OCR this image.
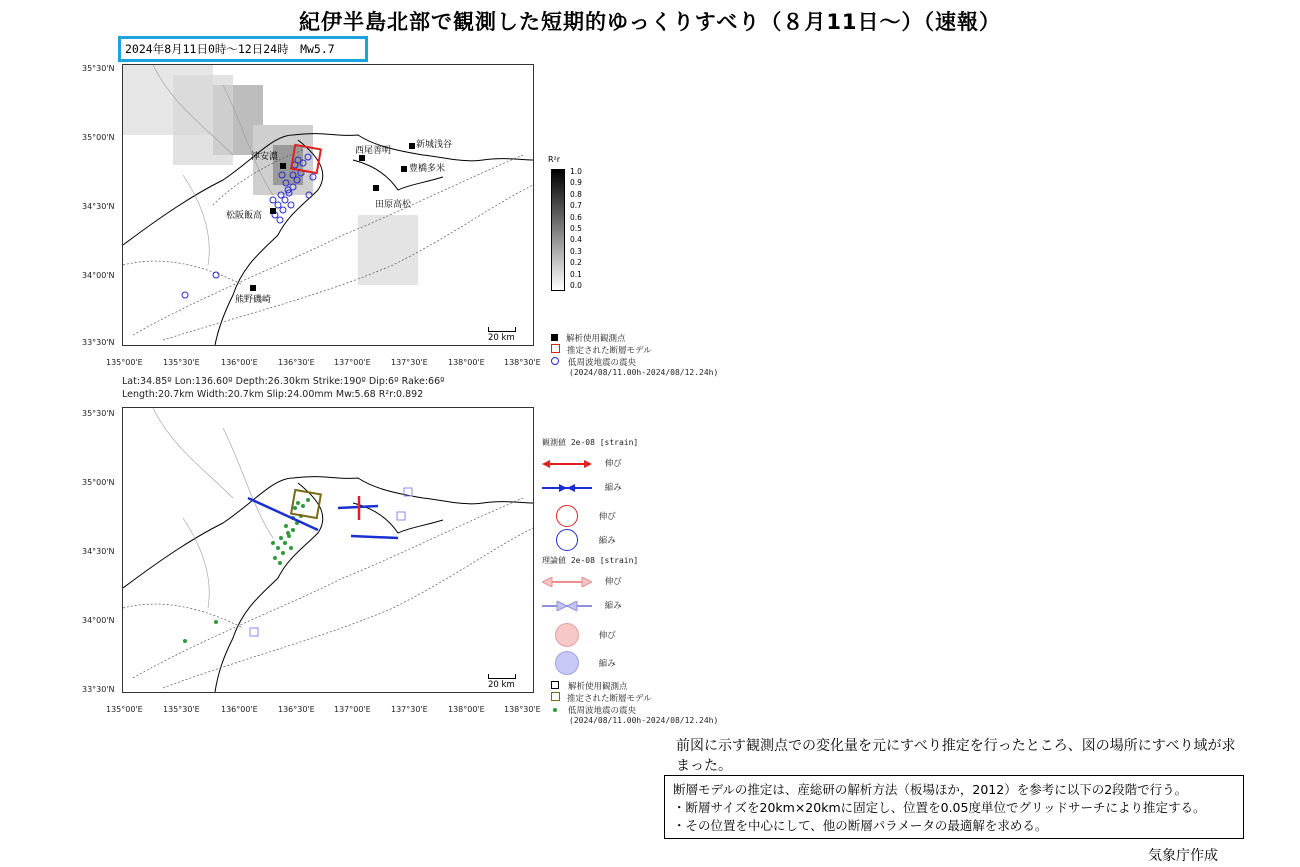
紀伊半島北部で観測した短期的ゆっくりすべり（８月11日～）（速報）
2024年8月11日0時～12日24時　Mw5.7
津安濃
松阪飯高
熊野磯崎
西尾善明
新城浅谷
豊橋多米
田原高松
20 km
35°30'N
35°00'N
34°30'N
34°00'N
33°30'N
135°00'E	135°30'E	136°00'E	136°30'E 137°00'E	137°30'E	138°00'E 138°30'E
R²r
1.0
0.9
0.8
0.7
0.6
0.5
0.4
0.3
0.2
0.1
0.0
解析使用観測点
推定された断層モデル
低周波地震の震央
(2024/08/11.00h-2024/08/12.24h)
Lat:34.85º Lon:136.60º Depth:26.30km Strike:190º Dip:6º Rake:66º
Length:20.7km Width:20.7km Slip:24.00mm Mw:5.68 R²r:0.892
20 km
35°30'N
35°00'N
34°30'N
34°00'N
33°30'N
135°00'E	135°30'E	136°00'E	136°30'E 137°00'E	137°30'E	138°00'E 138°30'E
観測値 2e-08 [strain]
伸び
縮み
伸び
縮み
理論値 2e-08 [strain]
伸び
縮み
伸び
縮み
解析使用観測点
推定された断層モデル
低周波地震の震央
(2024/08/11.00h-2024/08/12.24h)
前図に示す観測点での変化量を元にすべり推定を行ったところ、図の場所にすべり域が求まった。
断層モデルの推定は、産総研の解析方法（板場ほか，2012）を参考に以下の2段階で行う。
・断層サイズを20km×20kmに固定し、位置を0.05度単位でグリッドサーチにより推定する。
・その位置を中心にして、他の断層パラメータの最適解を求める。
気象庁作成
